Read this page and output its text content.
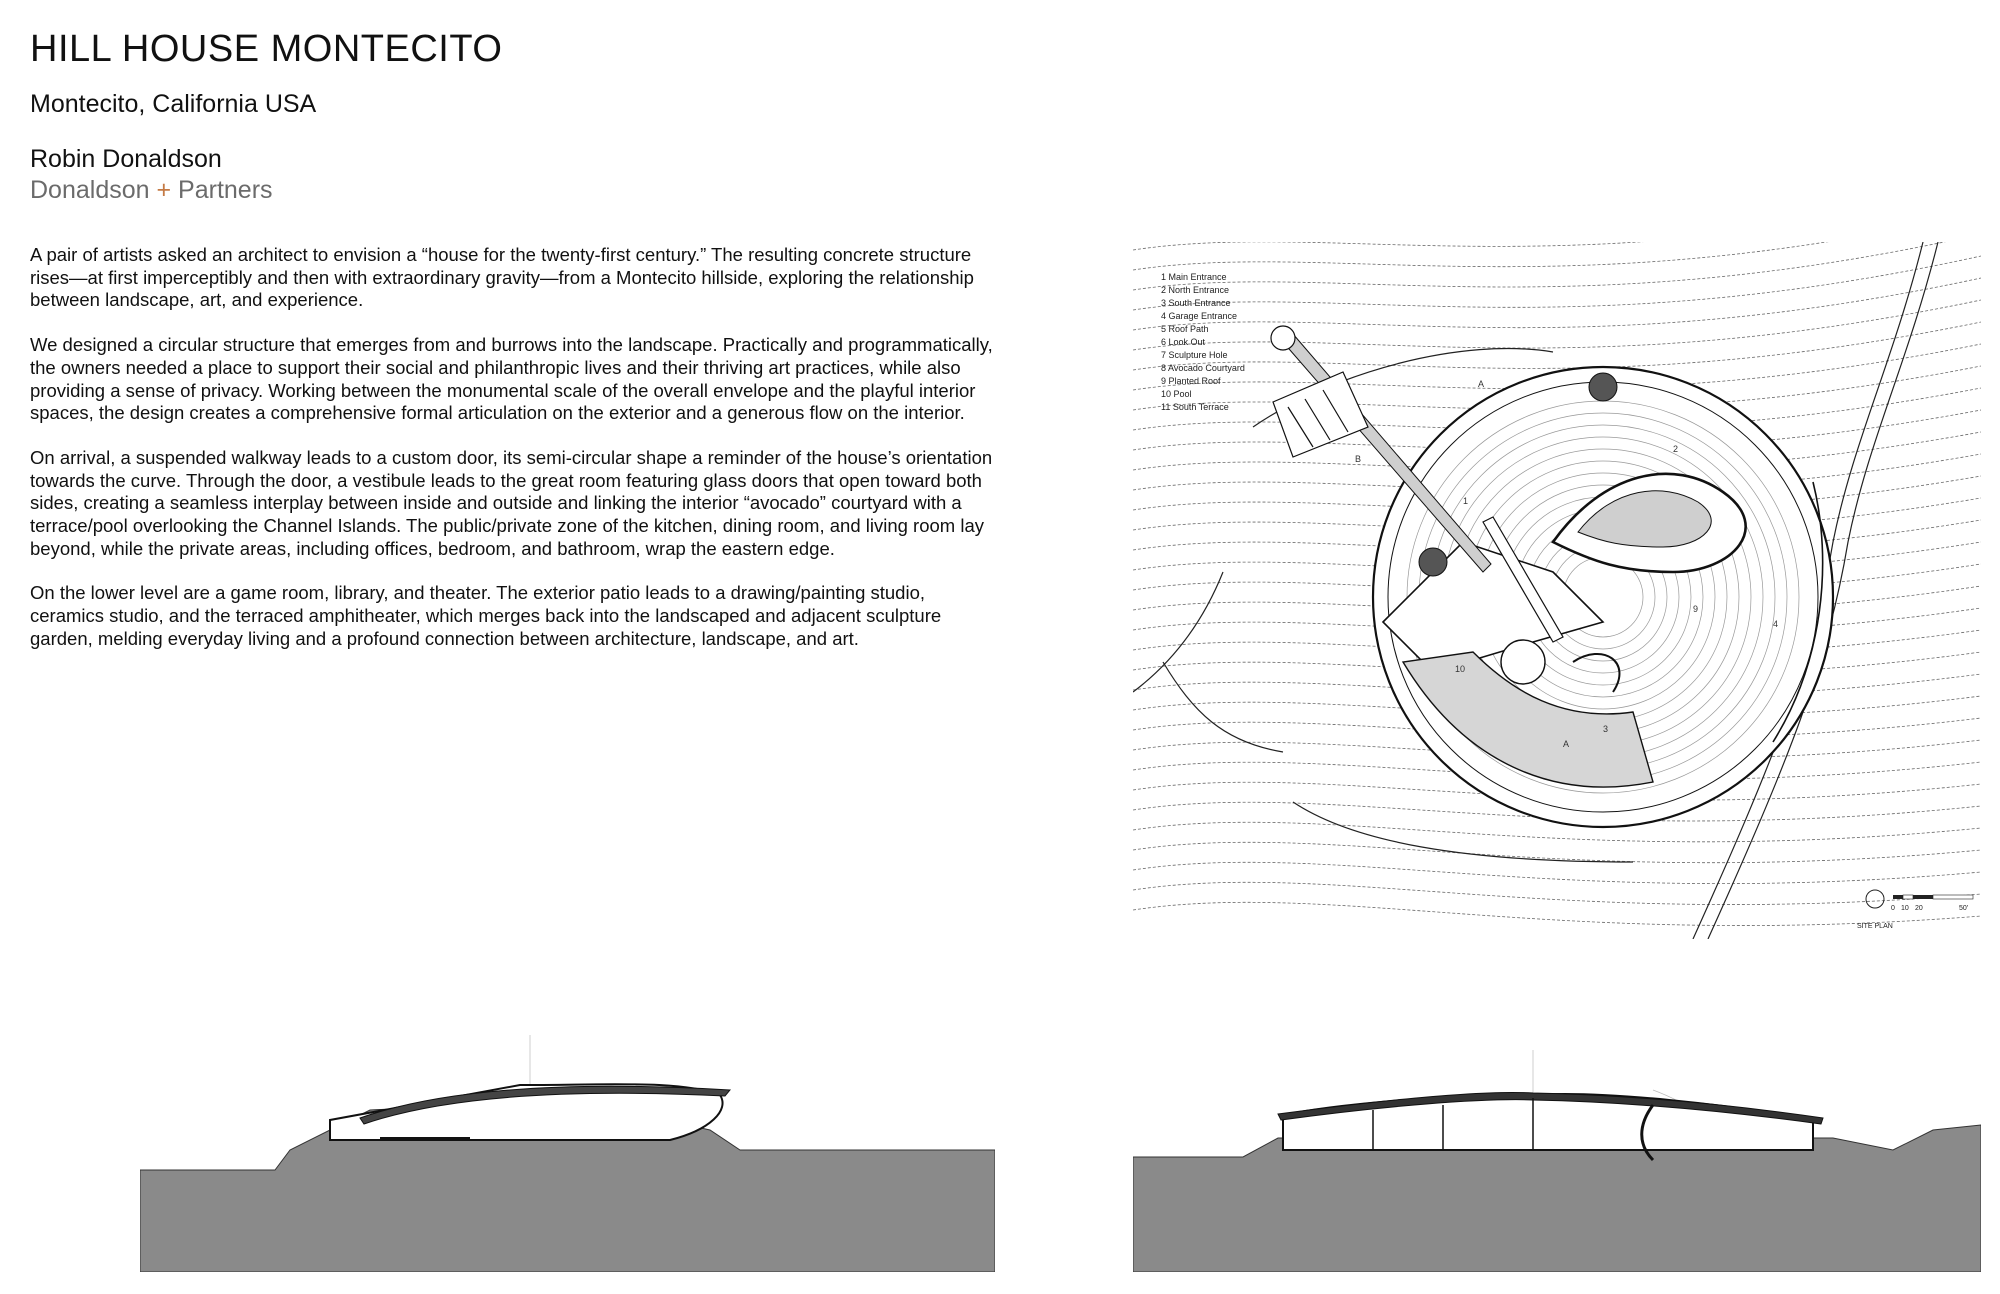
HILL HOUSE MONTECITO
Montecito, California USA
Robin Donaldson
Donaldson + Partners

A pair of artists asked an architect to envision a “house for the twenty-first century.” The resulting concrete structure rises—at first imperceptibly and then with extraordinary gravity—from a Montecito hillside, exploring the relationship between landscape, art, and experience.

We designed a circular structure that emerges from and burrows into the landscape. Practically and programmatically, the owners needed a place to support their social and philanthropic lives and their thriving art practices, while also providing a sense of privacy. Working between the monumental scale of the overall envelope and the playful interior spaces, the design creates a comprehensive formal articulation on the exterior and a generous flow on the interior.

On arrival, a suspended walkway leads to a custom door, its semi-circular shape a reminder of the house’s orientation towards the curve. Through the door, a vestibule leads to the great room featuring glass doors that open toward both sides, creating a seamless interplay between inside and outside and linking the interior “avocado” courtyard with a terrace/pool overlooking the Channel Islands. The public/private zone of the kitchen, dining room, and living room lay beyond, while the private areas, including offices, bedroom, and bathroom, wrap the eastern edge.

On the lower level are a game room, library, and theater. The exterior patio leads to a drawing/painting studio, ceramics studio, and the terraced amphitheater, which merges back into the landscaped and adjacent sculpture garden, melding everyday living and a profound connection between architecture, landscape, and art.

1 Main Entrance
2 North Entrance
3 South Entrance
4 Garage Entrance
5 Roof Path
6 Look Out
7 Sculpture Hole
8 Avocado Courtyard
9 Planted Roof
10 Pool
11 South Terrace
1
2
3
4
9
10
A
A
B
0 10 20	50'
SITE PLAN
